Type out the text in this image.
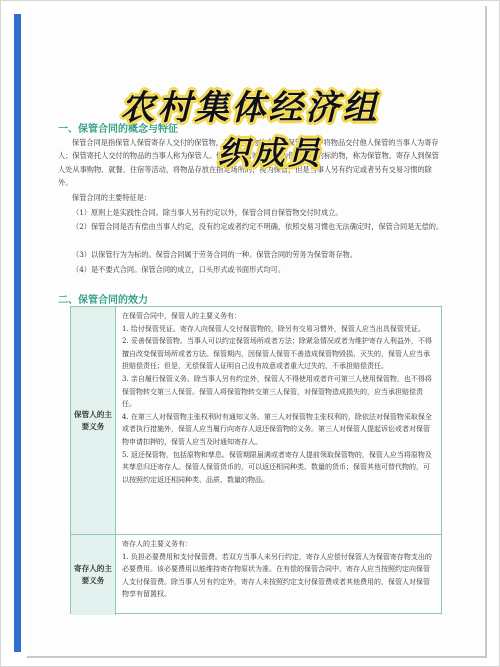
农村集体经济组
织成员
一、保管合同的概念与特征
保管合同是指保管人保管寄存人交付的保管物，并返还该物的合同。保管合同中将物品交付他人保管的当事人为寄存人；保管寄托人交付的物品的当事人称为保管人。保管人保管的物品，为保管合同的标的物，称为保管物。寄存人到保管人处从事购物、就餐、住宿等活动，将物品存放在指定场所的，视为保管，但是当事人另有约定或者另有交易习惯的除外。
保管合同的主要特征是：
（1）原则上是实践性合同。除当事人另有约定以外，保管合同自保管物交付时成立。
（2）保管合同是否有偿由当事人约定，没有约定或者约定不明确，依照交易习惯也无法确定时，保管合同是无偿的。
（3）以保管行为为标的。保管合同属于劳务合同的一种。保管合同的劳务为保管寄存物。
（4）是不要式合同。保管合同的成立，口头形式或书面形式均可。
二、保管合同的效力
保管人的主要义务

在保管合同中，保管人的主要义务有：

1. 给付保管凭证。寄存人向保管人交付保管物的，除另有交易习惯外，保管人应当出具保管凭证。

2. 妥善保管保管物。当事人可以约定保管场所或者方法；除紧急情况或者为维护寄存人利益外，不得擅自改变保管场所或者方法。保管期内，因保管人保管不善造成保管物毁损、灭失的，保管人应当承担赔偿责任；但是，无偿保管人证明自己没有故意或者重大过失的，不承担赔偿责任。

3. 亲自履行保管义务。除当事人另有约定外，保管人不得使用或者许可第三人使用保管物，也不得将保管物转交第三人保管。保管人将保管物转交第三人保管，对保管物造成损失的，应当承担赔偿责任。

4. 在第三人对保管物主张权利时有通知义务。第三人对保管物主张权利的，除依法对保管物采取保全或者执行措施外，保管人应当履行向寄存人返还保管物的义务。第三人对保管人提起诉讼或者对保管物申请扣押的，保管人应当及时通知寄存人。

5. 返还保管物，包括原物和孳息。保管期限届满或者寄存人提前领取保管物的，保管人应当将原物及其孳息归还寄存人。保管人保管货币的，可以返还相同种类、数量的货币；保管其他可替代物的，可以按照约定返还相同种类、品质、数量的物品。

寄存人的主要义务

寄存人的主要义务有：

1. 负担必要费用和支付保管费。若双方当事人未另行约定，寄存人应偿付保管人为保管寄存物支出的必要费用。该必要费用以能维持寄存物原状为准。在有偿的保管合同中，寄存人应当按照约定向保管人支付保管费。除当事人另有约定外，寄存人未按照约定支付保管费或者其他费用的，保管人对保管物享有留置权。
